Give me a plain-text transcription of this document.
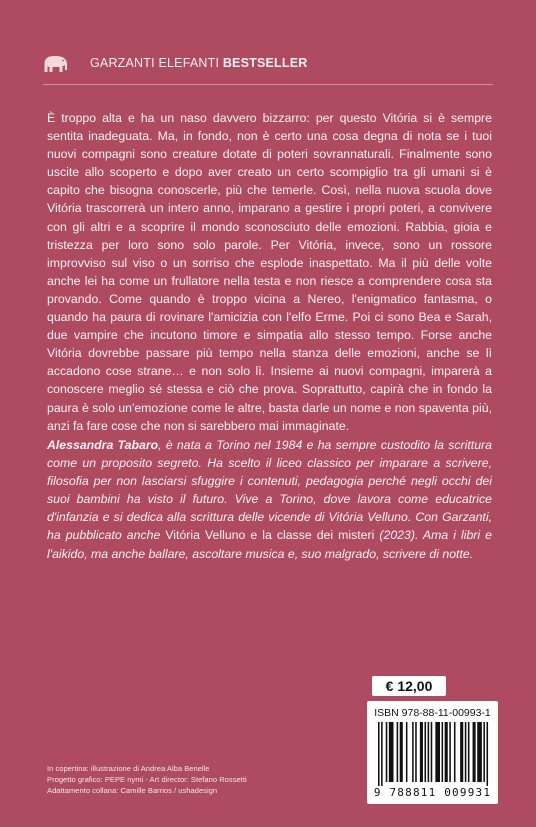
GARZANTI ELEFANTI BESTSELLER

È troppo alta e ha un naso davvero bizzarro: per questo Vitória si è sempre sentita inadeguata. Ma, in fondo, non è certo una cosa degna di nota se i tuoi nuovi compagni sono creature dotate di poteri sovrannaturali. Finalmente sono uscite allo scoperto e dopo aver creato un certo scompiglio tra gli umani si è capito che bisogna conoscerle, più che temerle. Così, nella nuova scuola dove Vitória trascorrerà un intero anno, imparano a gestire i propri poteri, a convivere con gli altri e a scoprire il mondo sconosciuto delle emozioni. Rabbia, gioia e tristezza per loro sono solo parole. Per Vitória, invece, sono un rossore improvviso sul viso o un sorriso che esplode inaspettato. Ma il più delle volte anche lei ha come un frullatore nella testa e non riesce a comprendere cosa sta provando. Come quando è troppo vicina a Nereo, l'enigmatico fantasma, o quando ha paura di rovinare l'amicizia con l'elfo Erme. Poi ci sono Bea e Sarah, due vampire che incutono timore e simpatia allo stesso tempo. Forse anche Vitória dovrebbe passare più tempo nella stanza delle emozioni, anche se lì accadono cose strane… e non solo lì. Insieme ai nuovi compagni, imparerà a conoscere meglio sé stessa e ciò che prova. Soprattutto, capirà che in fondo la paura è solo un'emozione come le altre, basta darle un nome e non spaventa più, anzi fa fare cose che non si sarebbero mai immaginate.

Alessandra Tabaro, è nata a Torino nel 1984 e ha sempre custodito la scrittura come un proposito segreto. Ha scelto il liceo classico per imparare a scrivere, filosofia per non lasciarsi sfuggire i contenuti, pedagogia perché negli occhi dei suoi bambini ha visto il futuro. Vive a Torino, dove lavora come educatrice d'infanzia e si dedica alla scrittura delle vicende di Vitória Velluno. Con Garzanti, ha pubblicato anche Vitória Velluno e la classe dei misteri (2023). Ama i libri e l'aikido, ma anche ballare, ascoltare musica e, suo malgrado, scrivere di notte.

€ 12,00
ISBN 978-88-11-00993-1
9 788811 009931
In copertina: illustrazione di Andrea Alba Benelle
Progetto grafico: PEPE nymi - Art director: Stefano Rossetti
Adattamento collana: Camille Barrios / ushadesign
